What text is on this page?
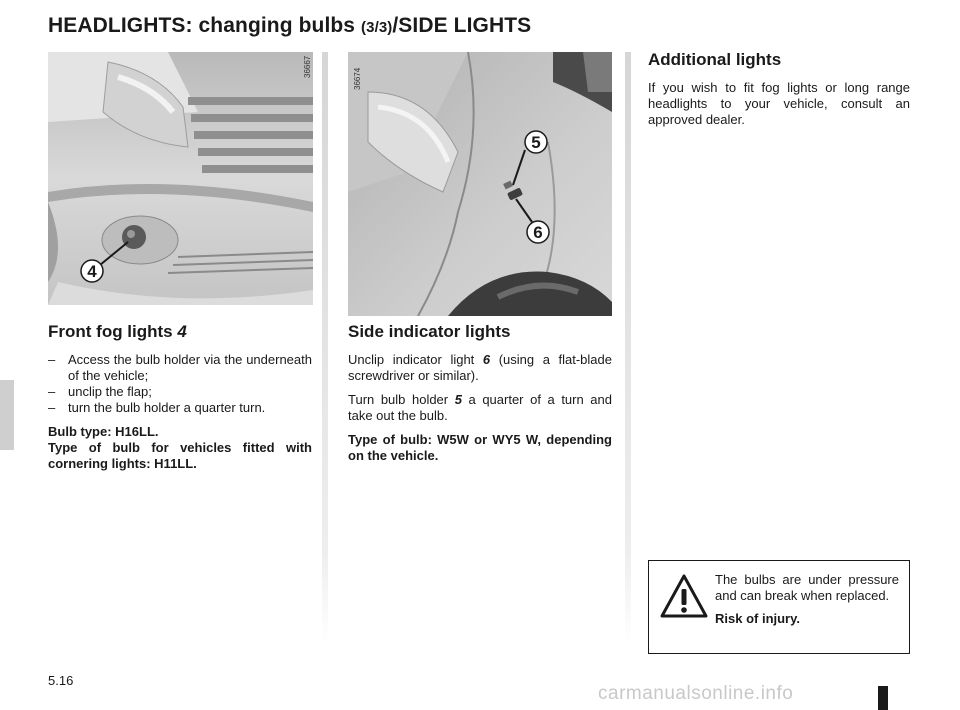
HEADLIGHTS: changing bulbs (3/3)/SIDE LIGHTS
4
36667
5
6
36674
Front fog lights 4
– Access the bulb holder via the underneath of the vehicle;
– unclip the flap;
– turn the bulb holder a quarter turn.

Bulb type: H16LL.
Type of bulb for vehicles fitted with cornering lights: H11LL.

Side indicator lights

Unclip indicator light 6 (using a flat-blade screwdriver or similar).

Turn bulb holder 5 a quarter of a turn and take out the bulb.

Type of bulb: W5W or WY5 W, depending on the vehicle.

Additional lights

If you wish to fit fog lights or long range headlights to your vehicle, consult an approved dealer.

The bulbs are under pressure and can break when replaced.

Risk of injury.

5.16
carmanualsonline.info
